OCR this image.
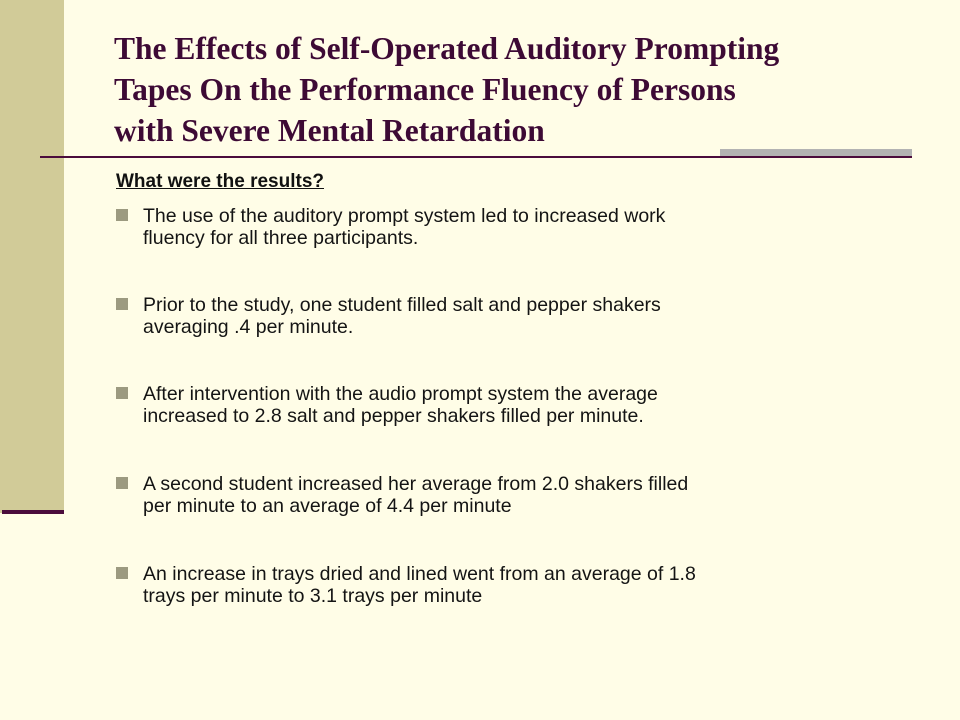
The Effects of Self-Operated Auditory Prompting
Tapes On the Performance Fluency of Persons
with Severe Mental Retardation
What were the results?
The use of the auditory prompt system led to increased work
fluency for all three participants.
Prior to the study, one student filled salt and pepper shakers
averaging .4 per minute.
After intervention with the audio prompt system the average
increased to 2.8 salt and pepper shakers filled per minute.
A second student increased her average from 2.0 shakers filled
per minute to an average of 4.4 per minute
An increase in trays dried and lined went from an average of 1.8
trays per minute to 3.1 trays per minute
